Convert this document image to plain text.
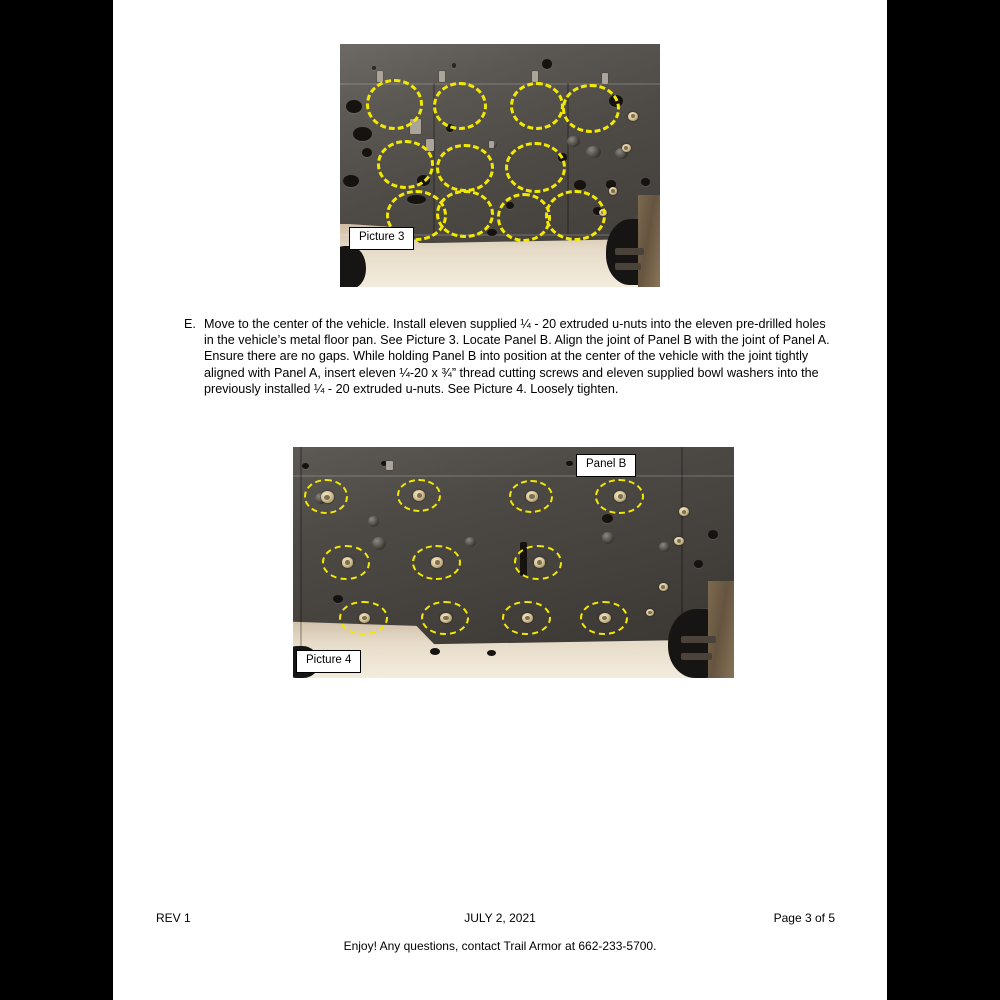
Picture 3
Panel B
Picture 4
E. Move to the center of the vehicle. Install eleven supplied ¼ - 20 extruded u-nuts into the eleven pre-drilled holes in the vehicle’s metal floor pan. See Picture 3. Locate Panel B. Align the joint of Panel B with the joint of Panel A. Ensure there are no gaps. While holding Panel B into position at the center of the vehicle with the joint tightly aligned with Panel A, insert eleven ¼-20 x ¾” thread cutting screws and eleven supplied bowl washers into the previously installed ¼ - 20 extruded u-nuts. See Picture 4. Loosely tighten.
REV 1	JULY 2, 2021	Page 3 of 5
Enjoy! Any questions, contact Trail Armor at 662-233-5700.
